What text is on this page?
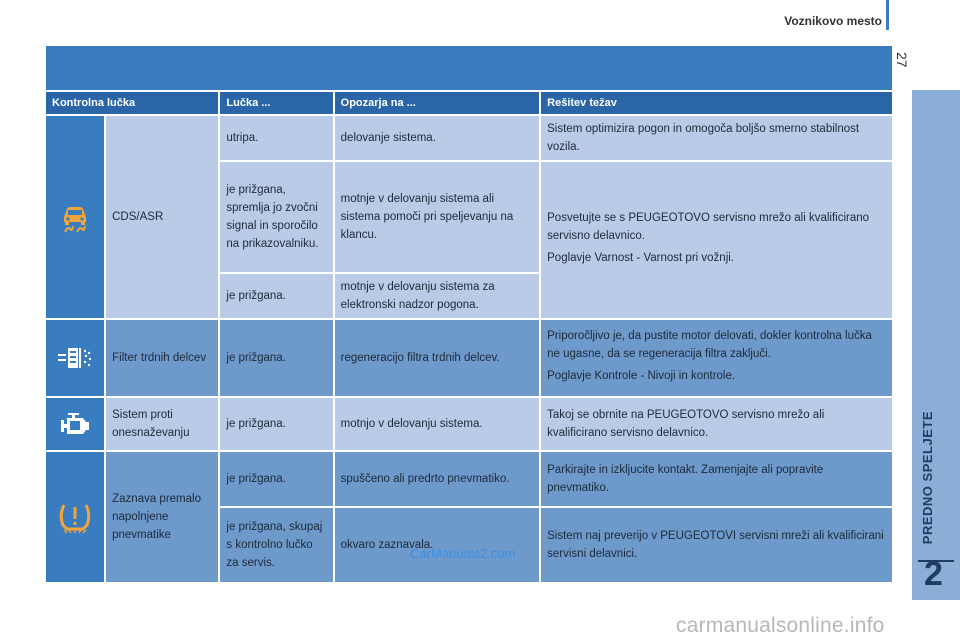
Voznikovo mesto
27
PREDNO SPELJETE
2
Kontrolna lučka		Lučka ...	Opozarja na ...	Rešitev težav
	CDS/ASR	utripa.	delovanje sistema.	Sistem optimizira pogon in omogoča boljšo smerno stabilnost vozila.
		je prižgana, spremlja jo zvočni signal in sporočilo na prikazovalniku.	motnje v delovanju sistema ali sistema pomoči pri speljevanju na klancu.	Posvetujte se s PEUGEOTOVO servisno mrežo ali kvalificirano servisno delavnico.
Poglavje Varnost - Varnost pri vožnji.

		je prižgana.	motnje v delovanju sistema za elektronski nadzor pogona.	
	Filter trdnih delcev	je prižgana.	regeneracijo filtra trdnih delcev.	Priporočljivo je, da pustite motor delovati, dokler kontrolna lučka ne ugasne, da se regeneracija filtra zaključi.
Poglavje Kontrole - Nivoji in kontrole.

	Sistem proti onesnaževanju	je prižgana.	motnjo v delovanju sistema.	Takoj se obrnite na PEUGEOTOVO servisno mrežo ali kvalificirano servisno delavnico.
	Zaznava premalo napolnjene pnevmatike	je prižgana.	spuščeno ali predrto pnevmatiko.	Parkirajte in izkljucite kontakt. Zamenjajte ali popravite pnevmatiko.
		je prižgana, skupaj s kontrolno lučko za servis.	okvaro zaznavala.	Sistem naj preverijo v PEUGEOTOVI servisni mreži ali kvalificirani servisni delavnici.
CarManuals2.com
carmanualsonline.info
